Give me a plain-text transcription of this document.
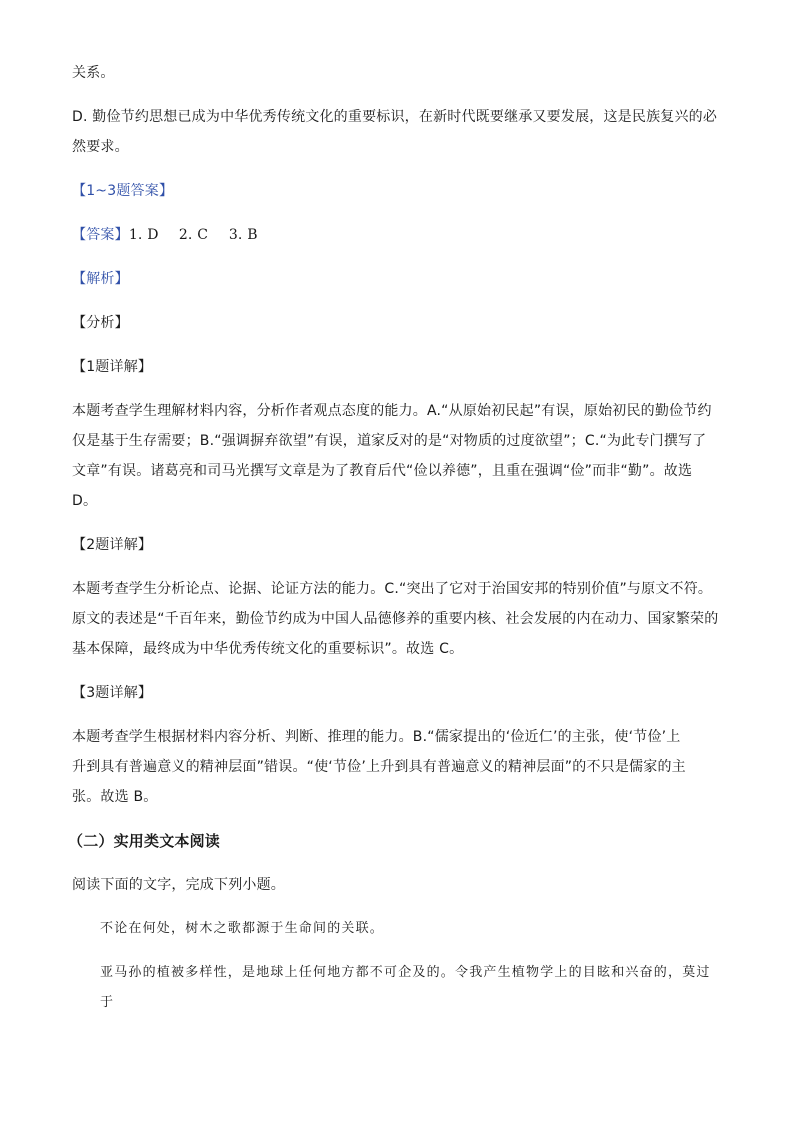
关系。

D. 勤俭节约思想已成为中华优秀传统文化的重要标识，在新时代既要继承又要发展，这是民族复兴的必

然要求。

【1~3题答案】

【答案】1. D 2. C 3. B

【解析】

【分析】

【1题详解】

本题考查学生理解材料内容，分析作者观点态度的能力。A.“从原始初民起”有误，原始初民的勤俭节约

仅是基于生存需要；B.“强调摒弃欲望”有误，道家反对的是“对物质的过度欲望”；C.“为此专门撰写了

文章”有误。诸葛亮和司马光撰写文章是为了教育后代“俭以养德”，且重在强调“俭”而非“勤”。故选

D。

【2题详解】

本题考查学生分析论点、论据、论证方法的能力。C.“突出了它对于治国安邦的特别价值”与原文不符。

原文的表述是“千百年来，勤俭节约成为中国人品德修养的重要内核、社会发展的内在动力、国家繁荣的

基本保障，最终成为中华优秀传统文化的重要标识”。故选 C。

【3题详解】

本题考查学生根据材料内容分析、判断、推理的能力。B.“儒家提出的‘俭近仁’的主张，使‘节俭’上

升到具有普遍意义的精神层面”错误。“使‘节俭’上升到具有普遍意义的精神层面”的不只是儒家的主

张。故选 B。

（二）实用类文本阅读

阅读下面的文字，完成下列小题。

不论在何处，树木之歌都源于生命间的关联。

亚马孙的植被多样性，是地球上任何地方都不可企及的。令我产生植物学上的目眩和兴奋的，莫过于
